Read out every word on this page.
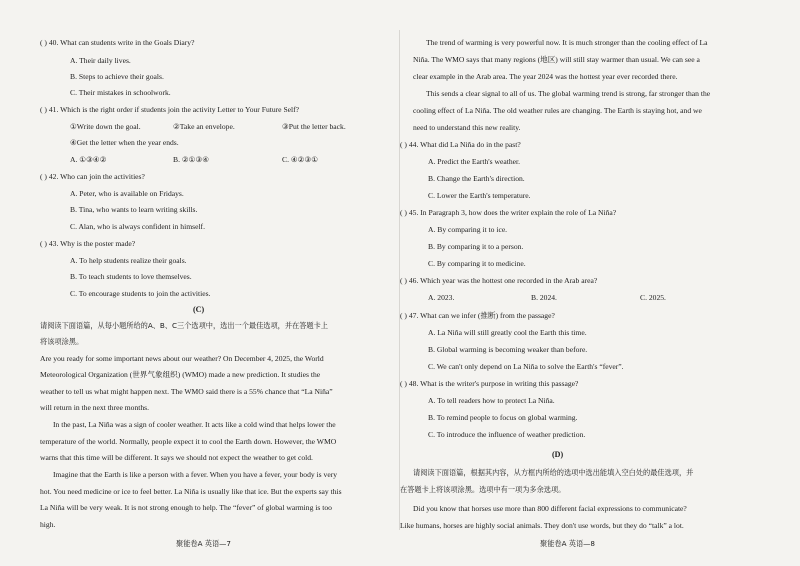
( ) 40. What can students write in the Goals Diary?
A. Their daily lives.
B. Steps to achieve their goals.
C. Their mistakes in schoolwork.
( ) 41. Which is the right order if students join the activity Letter to Your Future Self?
①Write down the goal.	②Take an envelope.	③Put the letter back.
④Get the letter when the year ends.
A. ①③④②	B. ②①③④	C. ④②③①
( ) 42. Who can join the activities?
A. Peter, who is available on Fridays.
B. Tina, who wants to learn writing skills.
C. Alan, who is always confident in himself.
( ) 43. Why is the poster made?
A. To help students realize their goals.
B. To teach students to love themselves.
C. To encourage students to join the activities.
(C)
请阅读下面语篇，从每小题所给的A、B、C三个选项中，选出一个最佳选项，并在答题卡上
将该项涂黑。
Are you ready for some important news about our weather? On December 4, 2025, the World
Meteorological Organization (世界气象组织) (WMO) made a new prediction. It studies the
weather to tell us what might happen next. The WMO said there is a 55% chance that “La Niña”
will return in the next three months.
In the past, La Niña was a sign of cooler weather. It acts like a cold wind that helps lower the
temperature of the world. Normally, people expect it to cool the Earth down. However, the WMO
warns that this time will be different. It says we should not expect the weather to get cold.
Imagine that the Earth is like a person with a fever. When you have a fever, your body is very
hot. You need medicine or ice to feel better. La Niña is usually like that ice. But the experts say this
La Niña will be very weak. It is not strong enough to help. The “fever” of global warming is too
high.
聚能卷A 英语—7
The trend of warming is very powerful now. It is much stronger than the cooling effect of La
Niña. The WMO says that many regions (地区) will still stay warmer than usual. We can see a
clear example in the Arab area. The year 2024 was the hottest year ever recorded there.
This sends a clear signal to all of us. The global warming trend is strong, far stronger than the
cooling effect of La Niña. The old weather rules are changing. The Earth is staying hot, and we
need to understand this new reality.
( ) 44. What did La Niña do in the past?
A. Predict the Earth's weather.
B. Change the Earth's direction.
C. Lower the Earth's temperature.
( ) 45. In Paragraph 3, how does the writer explain the role of La Niña?
A. By comparing it to ice.
B. By comparing it to a person.
C. By comparing it to medicine.
( ) 46. Which year was the hottest one recorded in the Arab area?
A. 2023.	B. 2024.	C. 2025.
( ) 47. What can we infer (推断) from the passage?
A. La Niña will still greatly cool the Earth this time.
B. Global warming is becoming weaker than before.
C. We can't only depend on La Niña to solve the Earth's “fever”.
( ) 48. What is the writer's purpose in writing this passage?
A. To tell readers how to protect La Niña.
B. To remind people to focus on global warming.
C. To introduce the influence of weather prediction.
(D)
请阅读下面语篇，根据其内容，从方框内所给的选项中选出能填入空白处的最佳选项，并
在答题卡上将该项涂黑。选项中有一项为多余选项。
Did you know that horses use more than 800 different facial expressions to communicate?
Like humans, horses are highly social animals. They don't use words, but they do “talk” a lot.
聚能卷A 英语—8
